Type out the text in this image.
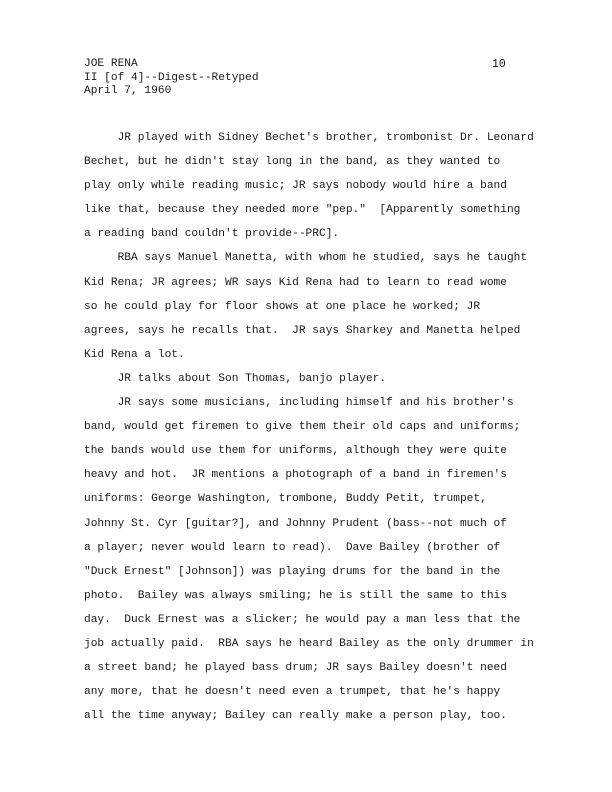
JOE RENA
II [of 4]--Digest--Retyped
April 7, 1960
10
JR played with Sidney Bechet's brother, trombonist Dr. Leonard
Bechet, but he didn't stay long in the band, as they wanted to
play only while reading music; JR says nobody would hire a band
like that, because they needed more "pep."  [Apparently something
a reading band couldn't provide--PRC].
RBA says Manuel Manetta, with whom he studied, says he taught
Kid Rena; JR agrees; WR says Kid Rena had to learn to read wome
so he could play for floor shows at one place he worked; JR
agrees, says he recalls that.  JR says Sharkey and Manetta helped
Kid Rena a lot.
JR talks about Son Thomas, banjo player.
JR says some musicians, including himself and his brother's
band, would get firemen to give them their old caps and uniforms;
the bands would use them for uniforms, although they were quite
heavy and hot.  JR mentions a photograph of a band in firemen's
uniforms: George Washington, trombone, Buddy Petit, trumpet,
Johnny St. Cyr [guitar?], and Johnny Prudent (bass--not much of
a player; never would learn to read).  Dave Bailey (brother of
"Duck Ernest" [Johnson]) was playing drums for the band in the
photo.  Bailey was always smiling; he is still the same to this
day.  Duck Ernest was a slicker; he would pay a man less that the
job actually paid.  RBA says he heard Bailey as the only drummer in
a street band; he played bass drum; JR says Bailey doesn't need
any more, that he doesn't need even a trumpet, that he's happy
all the time anyway; Bailey can really make a person play, too.
